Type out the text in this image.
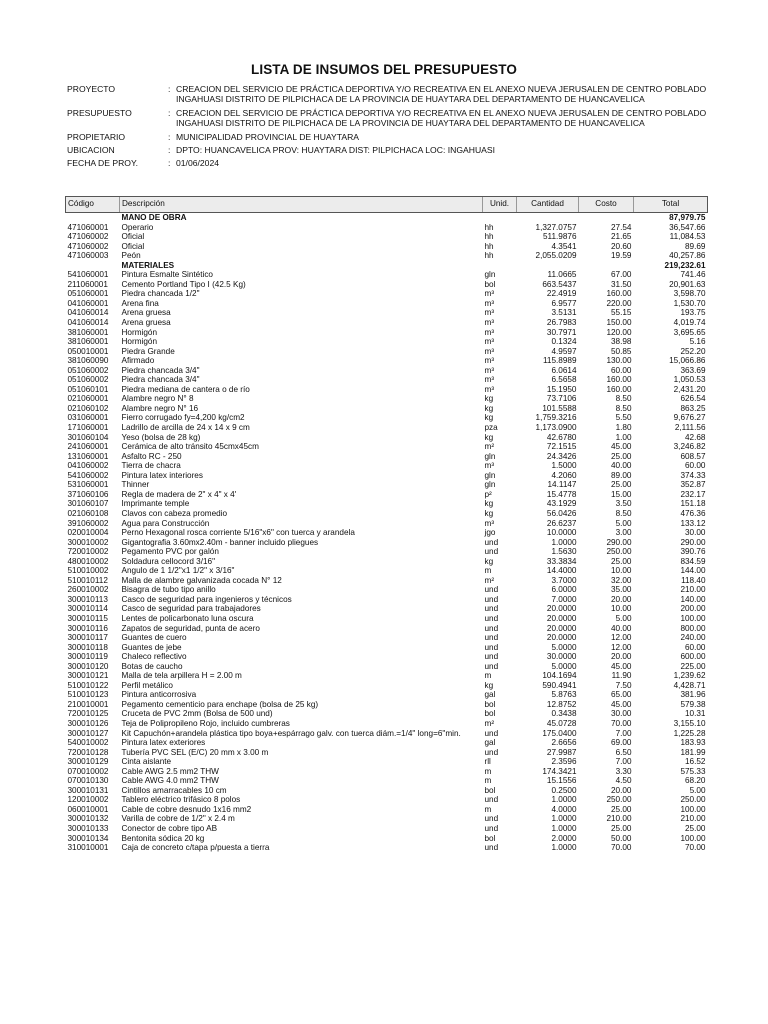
LISTA DE INSUMOS DEL PRESUPUESTO
PROYECTO	: CREACION DEL SERVICIO DE PRÁCTICA DEPORTIVA Y/O RECREATIVA EN EL ANEXO NUEVA JERUSALEN DE CENTRO POBLADO INGAHUASI DISTRITO DE PILPICHACA DE LA PROVINCIA DE HUAYTARA DEL DEPARTAMENTO DE HUANCAVELICA
PRESUPUESTO	: CREACION DEL SERVICIO DE PRÁCTICA DEPORTIVA Y/O RECREATIVA EN EL ANEXO NUEVA JERUSALEN DE CENTRO POBLADO INGAHUASI DISTRITO DE PILPICHACA DE LA PROVINCIA DE HUAYTARA DEL DEPARTAMENTO DE HUANCAVELICA
PROPIETARIO	: MUNICIPALIDAD PROVINCIAL DE HUAYTARA
UBICACION	: DPTO: HUANCAVELICA PROV: HUAYTARA DIST: PILPICHACA LOC: INGAHUASI
FECHA DE PROY.	: 01/06/2024
Código	Descripción	Unid.	Cantidad	Costo	Total
	MANO DE OBRA				87,979.75
471060001	Operario	hh	1,327.0757	27.54	36,547.66
471060002	Oficial	hh	511.9876	21.65	11,084.53
471060002	Oficial	hh	4.3541	20.60	89.69
471060003	Peón	hh	2,055.0209	19.59	40,257.86
	MATERIALES				219,232.61
541060001	Pintura Esmalte Sintético	gln	11.0665	67.00	741.46
211060001	Cemento Portland Tipo I (42.5 Kg)	bol	663.5437	31.50	20,901.63
051060001	Piedra chancada 1/2"	m³	22.4919	160.00	3,598.70
041060001	Arena fina	m³	6.9577	220.00	1,530.70
041060014	Arena gruesa	m³	3.5131	55.15	193.75
041060014	Arena gruesa	m³	26.7983	150.00	4,019.74
381060001	Hormigón	m³	30.7971	120.00	3,695.65
381060001	Hormigón	m³	0.1324	38.98	5.16
050010001	Piedra Grande	m³	4.9597	50.85	252.20
381060090	Afirmado	m³	115.8989	130.00	15,066.86
051060002	Piedra chancada 3/4"	m³	6.0614	60.00	363.69
051060002	Piedra chancada 3/4"	m³	6.5658	160.00	1,050.53
051060101	Piedra mediana de cantera o de río	m³	15.1950	160.00	2,431.20
021060001	Alambre negro N° 8	kg	73.7106	8.50	626.54
021060102	Alambre negro N° 16	kg	101.5588	8.50	863.25
031060001	Fierro corrugado fy=4,200 kg/cm2	kg	1,759.3216	5.50	9,676.27
171060001	Ladrillo de arcilla de 24 x 14 x 9 cm	pza	1,173.0900	1.80	2,111.56
301060104	Yeso (bolsa de 28 kg)	kg	42.6780	1.00	42.68
241060001	Cerámica de alto tránsito 45cmx45cm	m²	72.1515	45.00	3,246.82
131060001	Asfalto RC - 250	gln	24.3426	25.00	608.57
041060002	Tierra de chacra	m³	1.5000	40.00	60.00
541060002	Pintura latex interiores	gln	4.2060	89.00	374.33
531060001	Thinner	gln	14.1147	25.00	352.87
371060106	Regla de madera de 2" x 4" x 4'	p²	15.4778	15.00	232.17
301060107	Imprimante temple	kg	43.1929	3.50	151.18
021060108	Clavos con cabeza promedio	kg	56.0426	8.50	476.36
391060002	Agua para Construcción	m³	26.6237	5.00	133.12
020010004	Perno Hexagonal rosca corriente 5/16"x6" con tuerca y arandela	jgo	10.0000	3.00	30.00
300010002	Gigantografia 3.60mx2.40m - banner incluido pliegues	und	1.0000	290.00	290.00
720010002	Pegamento PVC por galón	und	1.5630	250.00	390.76
480010002	Soldadura cellocord 3/16"	kg	33.3834	25.00	834.59
510010002	Angulo de 1 1/2"x1 1/2" x 3/16"	m	14.4000	10.00	144.00
510010112	Malla de alambre galvanizada cocada N° 12	m²	3.7000	32.00	118.40
260010002	Bisagra de tubo tipo anillo	und	6.0000	35.00	210.00
300010113	Casco de seguridad para ingenieros y técnicos	und	7.0000	20.00	140.00
300010114	Casco de seguridad para trabajadores	und	20.0000	10.00	200.00
300010115	Lentes de policarbonato luna oscura	und	20.0000	5.00	100.00
300010116	Zapatos de seguridad, punta de acero	und	20.0000	40.00	800.00
300010117	Guantes de cuero	und	20.0000	12.00	240.00
300010118	Guantes de jebe	und	5.0000	12.00	60.00
300010119	Chaleco reflectivo	und	30.0000	20.00	600.00
300010120	Botas de caucho	und	5.0000	45.00	225.00
300010121	Malla de tela arpillera H = 2.00 m	m	104.1694	11.90	1,239.62
510010122	Perfil metálico	kg	590.4941	7.50	4,428.71
510010123	Pintura anticorrosiva	gal	5.8763	65.00	381.96
210010001	Pegamento cementicio para enchape (bolsa de 25 kg)	bol	12.8752	45.00	579.38
720010125	Cruceta de PVC 2mm (Bolsa de 500 und)	bol	0.3438	30.00	10.31
300010126	Teja de Polipropileno Rojo, incluido cumbreras	m²	45.0728	70.00	3,155.10
300010127	Kit Capuchón+arandela plástica tipo boya+espárrago galv. con tuerca diám.=1/4" long=6"min.	und	175.0400	7.00	1,225.28
540010002	Pintura latex exteriores	gal	2.6656	69.00	183.93
720010128	Tubería PVC SEL (E/C) 20 mm x 3.00 m	und	27.9987	6.50	181.99
300010129	Cinta aislante	rll	2.3596	7.00	16.52
070010002	Cable AWG 2.5 mm2 THW	m	174.3421	3.30	575.33
070010130	Cable AWG 4.0 mm2 THW	m	15.1556	4.50	68.20
300010131	Cintillos amarracables 10 cm	bol	0.2500	20.00	5.00
120010002	Tablero eléctrico trifásico 8 polos	und	1.0000	250.00	250.00
060010001	Cable de cobre desnudo 1x16 mm2	m	4.0000	25.00	100.00
300010132	Varilla de cobre de 1/2" x 2.4 m	und	1.0000	210.00	210.00
300010133	Conector de cobre tipo AB	und	1.0000	25.00	25.00
300010134	Bentonita sódica 20 kg	bol	2.0000	50.00	100.00
310010001	Caja de concreto c/tapa p/puesta a tierra	und	1.0000	70.00	70.00
